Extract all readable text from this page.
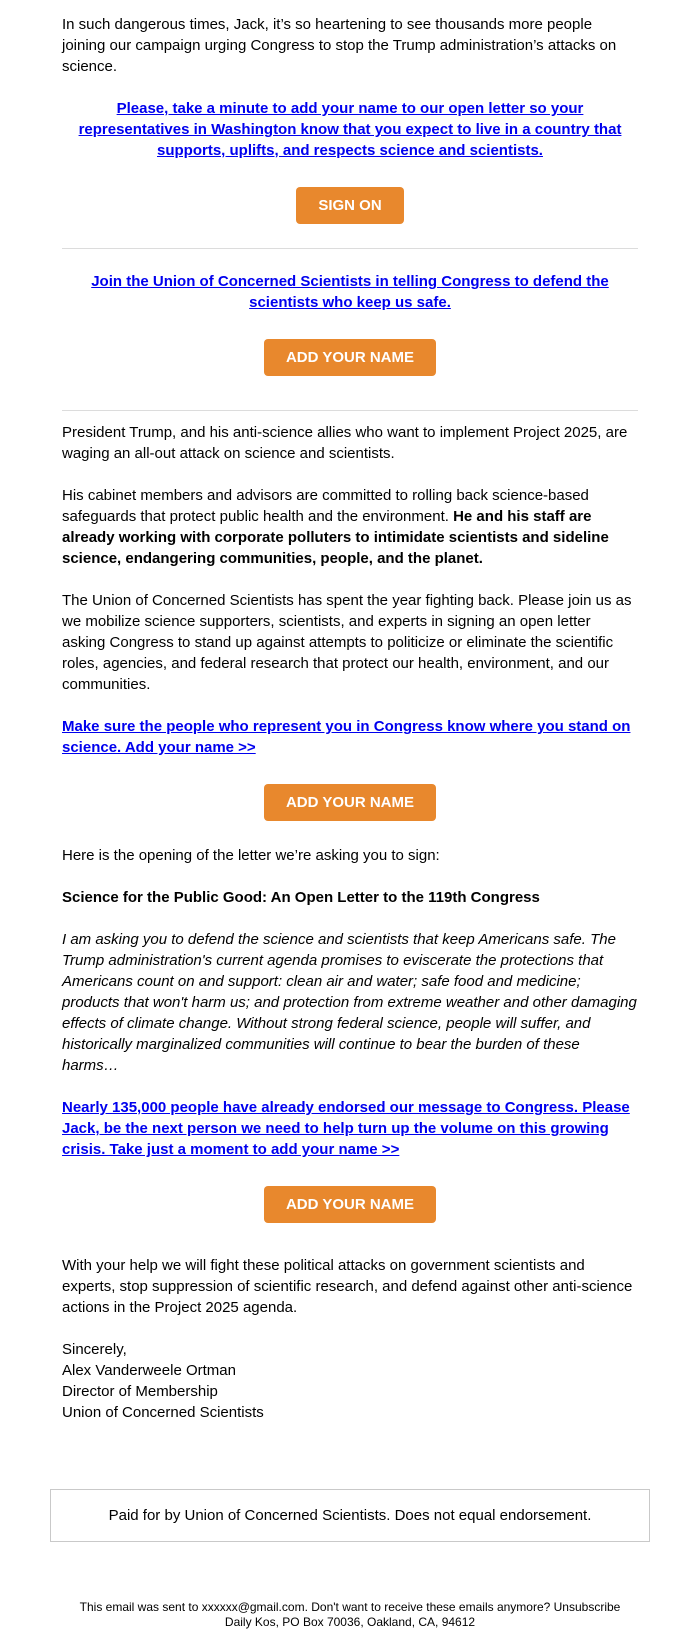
In such dangerous times, Jack, it’s so heartening to see thousands more people joining our campaign urging Congress to stop the Trump administration’s attacks on science.

Please, take a minute to add your name to our open letter so your representatives in Washington know that you expect to live in a country that supports, uplifts, and respects science and scientists.
SIGN ON
Join the Union of Concerned Scientists in telling Congress to defend the scientists who keep us safe.
ADD YOUR NAME

President Trump, and his anti-science allies who want to implement Project 2025, are waging an all-out attack on science and scientists.

His cabinet members and advisors are committed to rolling back science-based safeguards that protect public health and the environment. He and his staff are already working with corporate polluters to intimidate scientists and sideline science, endangering communities, people, and the planet.

The Union of Concerned Scientists has spent the year fighting back. Please join us as we mobilize science supporters, scientists, and experts in signing an open letter asking Congress to stand up against attempts to politicize or eliminate the scientific roles, agencies, and federal research that protect our health, environment, and our communities.

Make sure the people who represent you in Congress know where you stand on science. Add your name >>
ADD YOUR NAME

Here is the opening of the letter we’re asking you to sign:

Science for the Public Good: An Open Letter to the 119th Congress

I am asking you to defend the science and scientists that keep Americans safe. The Trump administration's current agenda promises to eviscerate the protections that Americans count on and support: clean air and water; safe food and medicine; products that won't harm us; and protection from extreme weather and other damaging effects of climate change. Without strong federal science, people will suffer, and historically marginalized communities will continue to bear the burden of these harms…

Nearly 135,000 people have already endorsed our message to Congress. Please Jack, be the next person we need to help turn up the volume on this growing crisis. Take just a moment to add your name >>
ADD YOUR NAME

With your help we will fight these political attacks on government scientists and experts, stop suppression of scientific research, and defend against other anti-science actions in the Project 2025 agenda.

Sincerely,
Alex Vanderweele Ortman
Director of Membership
Union of Concerned Scientists
Paid for by Union of Concerned Scientists. Does not equal endorsement.
This email was sent to xxxxxx@gmail.com. Don't want to receive these emails anymore? Unsubscribe
Daily Kos, PO Box 70036, Oakland, CA, 94612
